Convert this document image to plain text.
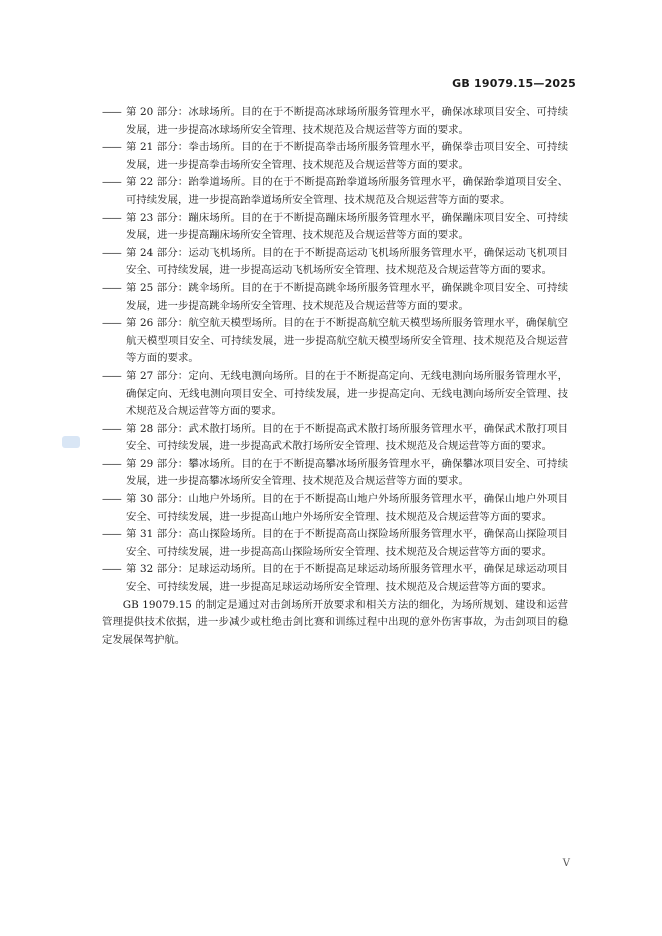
GB 19079.15—2025

—— 第 20 部分：冰球场所。目的在于不断提高冰球场所服务管理水平，确保冰球项目安全、可持续发展，进一步提高冰球场所安全管理、技术规范及合规运营等方面的要求。

—— 第 21 部分：拳击场所。目的在于不断提高拳击场所服务管理水平，确保拳击项目安全、可持续发展，进一步提高拳击场所安全管理、技术规范及合规运营等方面的要求。

—— 第 22 部分：跆拳道场所。目的在于不断提高跆拳道场所服务管理水平，确保跆拳道项目安全、可持续发展，进一步提高跆拳道场所安全管理、技术规范及合规运营等方面的要求。

—— 第 23 部分：蹦床场所。目的在于不断提高蹦床场所服务管理水平，确保蹦床项目安全、可持续发展，进一步提高蹦床场所安全管理、技术规范及合规运营等方面的要求。

—— 第 24 部分：运动飞机场所。目的在于不断提高运动飞机场所服务管理水平，确保运动飞机项目安全、可持续发展，进一步提高运动飞机场所安全管理、技术规范及合规运营等方面的要求。

—— 第 25 部分：跳伞场所。目的在于不断提高跳伞场所服务管理水平，确保跳伞项目安全、可持续发展，进一步提高跳伞场所安全管理、技术规范及合规运营等方面的要求。

—— 第 26 部分：航空航天模型场所。目的在于不断提高航空航天模型场所服务管理水平，确保航空航天模型项目安全、可持续发展，进一步提高航空航天模型场所安全管理、技术规范及合规运营等方面的要求。

—— 第 27 部分：定向、无线电测向场所。目的在于不断提高定向、无线电测向场所服务管理水平，确保定向、无线电测向项目安全、可持续发展，进一步提高定向、无线电测向场所安全管理、技术规范及合规运营等方面的要求。

—— 第 28 部分：武术散打场所。目的在于不断提高武术散打场所服务管理水平，确保武术散打项目安全、可持续发展，进一步提高武术散打场所安全管理、技术规范及合规运营等方面的要求。

—— 第 29 部分：攀冰场所。目的在于不断提高攀冰场所服务管理水平，确保攀冰项目安全、可持续发展，进一步提高攀冰场所安全管理、技术规范及合规运营等方面的要求。

—— 第 30 部分：山地户外场所。目的在于不断提高山地户外场所服务管理水平，确保山地户外项目安全、可持续发展，进一步提高山地户外场所安全管理、技术规范及合规运营等方面的要求。

—— 第 31 部分：高山探险场所。目的在于不断提高高山探险场所服务管理水平，确保高山探险项目安全、可持续发展，进一步提高高山探险场所安全管理、技术规范及合规运营等方面的要求。

—— 第 32 部分：足球运动场所。目的在于不断提高足球运动场所服务管理水平，确保足球运动项目安全、可持续发展，进一步提高足球运动场所安全管理、技术规范及合规运营等方面的要求。

GB 19079.15 的制定是通过对击剑场所开放要求和相关方法的细化，为场所规划、建设和运营管理提供技术依据，进一步减少或杜绝击剑比赛和训练过程中出现的意外伤害事故，为击剑项目的稳定发展保驾护航。

V
